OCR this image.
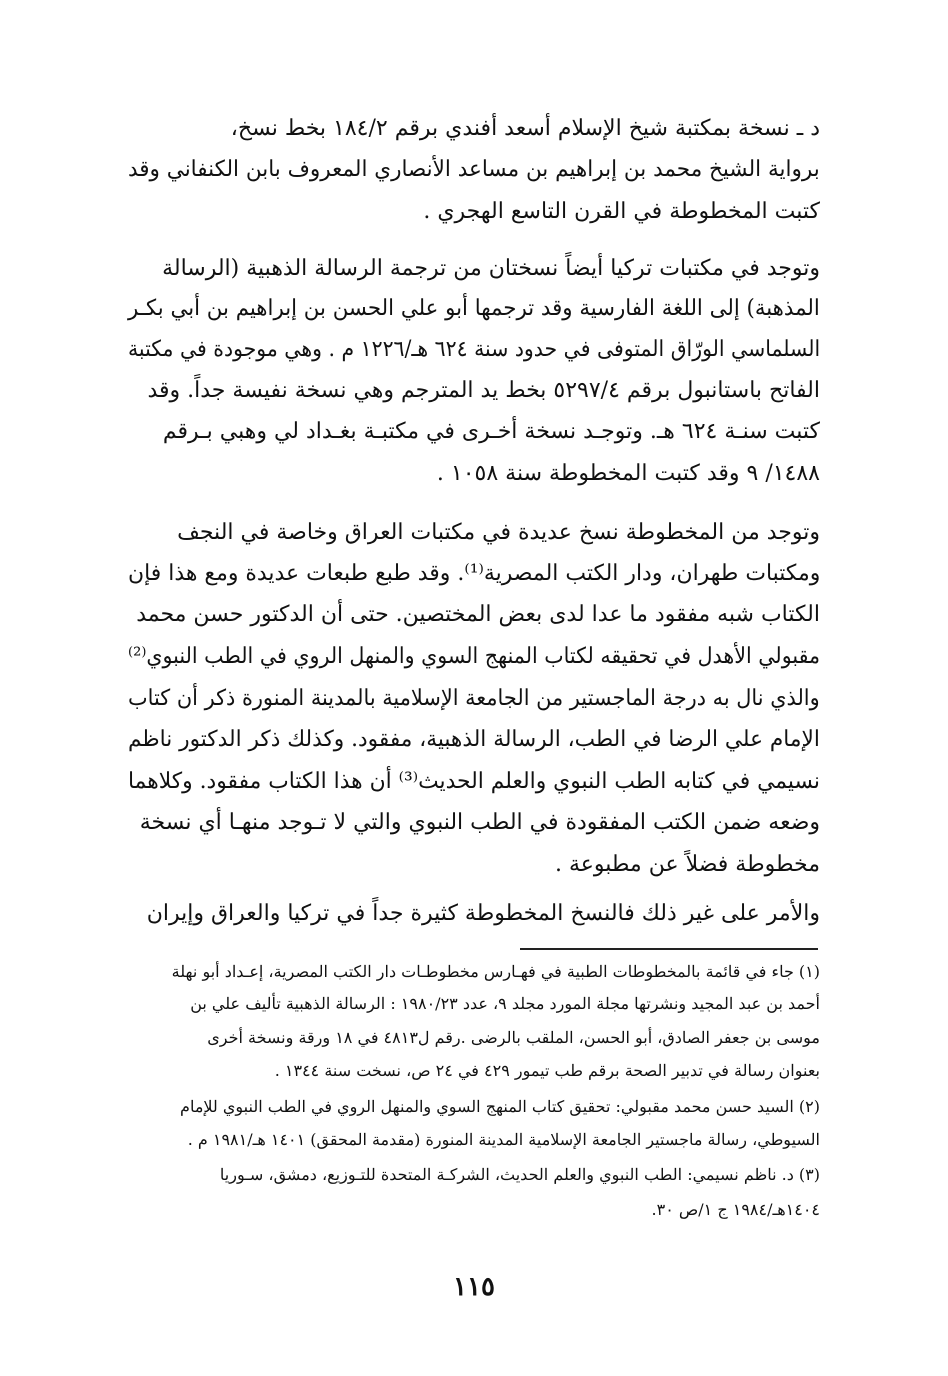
د ـ نسخة بمكتبة شيخ الإسلام أسعد أفندي برقم ١٨٤/٢ بخط نسخ،
برواية الشيخ محمد بن إبراهيم بن مساعد الأنصاري المعروف بابن الكنفاني وقد
كتبت المخطوطة في القرن التاسع الهجري .
وتوجد في مكتبات تركيا أيضاً نسختان من ترجمة الرسالة الذهبية (الرسالة
المذهبة) إلى اللغة الفارسية وقد ترجمها أبو علي الحسن بن إبراهيم بن أبي بكـر
السلماسي الورّاق المتوفى في حدود سنة ٦٢٤ هـ/١٢٢٦ م . وهي موجودة في مكتبة
الفاتح باستانبول برقم ٥٢٩٧/٤ بخط يد المترجم وهي نسخة نفيسة جداً. وقد
كتبت سنـة ٦٢٤ هـ. وتوجـد نسخة أخـرى في مكتبـة بغـداد لي وهبي بـرقم
١٤٨٨/ ٩ وقد كتبت المخطوطة سنة ١٠٥٨ .
وتوجد من المخطوطة نسخ عديدة في مكتبات العراق وخاصة في النجف
ومكتبات طهران، ودار الكتب المصرية⁽¹⁾. وقد طبع طبعات عديدة ومع هذا فإن
الكتاب شبه مفقود ما عدا لدى بعض المختصين. حتى أن الدكتور حسن محمد
مقبولي الأهدل في تحقيقه لكتاب المنهج السوي والمنهل الروي في الطب النبوي⁽²⁾
والذي نال به درجة الماجستير من الجامعة الإسلامية بالمدينة المنورة ذكر أن كتاب
الإمام علي الرضا في الطب، الرسالة الذهبية، مفقود. وكذلك ذكر الدكتور ناظم
نسيمي في كتابه الطب النبوي والعلم الحديث⁽³⁾ أن هذا الكتاب مفقود. وكلاهما
وضعه ضمن الكتب المفقودة في الطب النبوي والتي لا تـوجد منهـا أي نسخة
مخطوطة فضلاً عن مطبوعة .
والأمر على غير ذلك فالنسخ المخطوطة كثيرة جداً في تركيا والعراق وإيران
(١) جاء في قائمة بالمخطوطات الطبية في فهـارس مخطوطـات دار الكتب المصرية، إعـداد أبو نهلة
أحمد بن عبد المجيد ونشرتها مجلة المورد مجلد ٩، عدد ١٩٨٠/٢٣ : الرسالة الذهبية تأليف علي بن
موسى بن جعفر الصادق، أبو الحسن، الملقب بالرضى .رقم ل٤٨١٣ في ١٨ ورقة ونسخة أخرى
بعنوان رسالة في تدبير الصحة برقم طب تيمور ٤٢٩ في ٢٤ ص، نسخت سنة ١٣٤٤ .
(٢) السيد حسن محمد مقبولي: تحقيق كتاب المنهج السوي والمنهل الروي في الطب النبوي للإمام
السيوطي، رسالة ماجستير الجامعة الإسلامية المدينة المنورة (مقدمة المحقق) ١٤٠١ هـ/١٩٨١ م .
(٣) د. ناظم نسيمي: الطب النبوي والعلم الحديث، الشركـة المتحدة للتـوزيع، دمشق، سـوريا
١٤٠٤هـ/١٩٨٤ ج ١/ص ٣٠.
١١٥
